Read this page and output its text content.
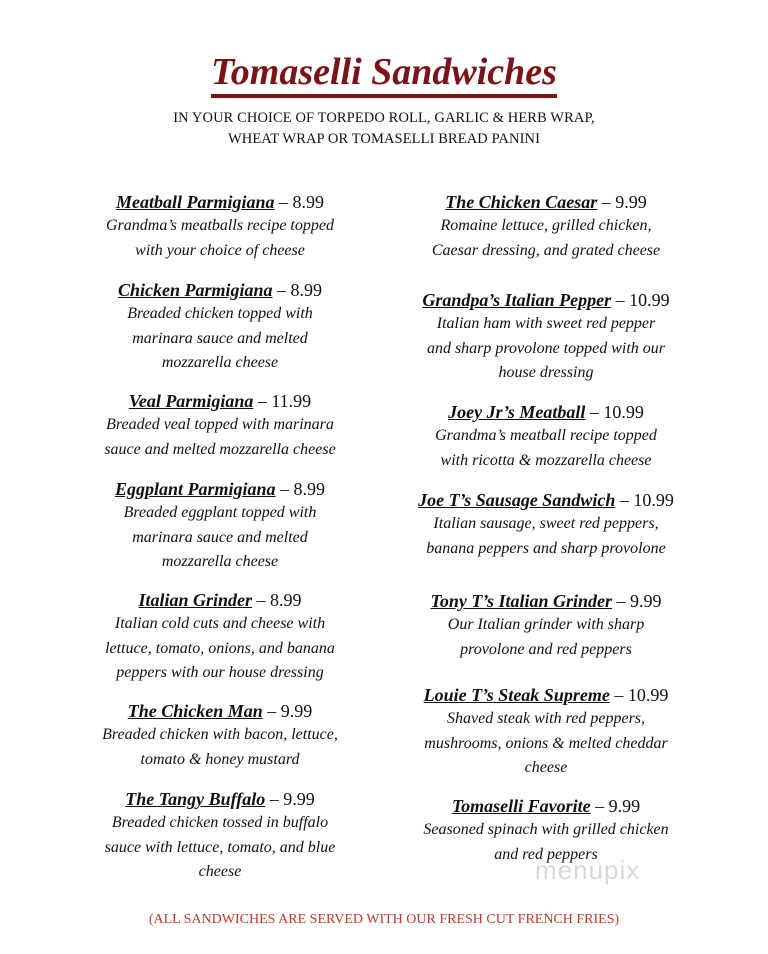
Tomaselli Sandwiches
IN YOUR CHOICE OF TORPEDO ROLL, GARLIC & HERB WRAP,
WHEAT WRAP OR TOMASELLI BREAD PANINI
Meatball Parmigiana – 8.99
Grandma’s meatballs recipe topped
with your choice of cheese
Chicken Parmigiana – 8.99
Breaded chicken topped with
marinara sauce and melted
mozzarella cheese
Veal Parmigiana – 11.99
Breaded veal topped with marinara
sauce and melted mozzarella cheese
Eggplant Parmigiana – 8.99
Breaded eggplant topped with
marinara sauce and melted
mozzarella cheese
Italian Grinder – 8.99
Italian cold cuts and cheese with
lettuce, tomato, onions, and banana
peppers with our house dressing
The Chicken Man – 9.99
Breaded chicken with bacon, lettuce,
tomato & honey mustard
The Tangy Buffalo – 9.99
Breaded chicken tossed in buffalo
sauce with lettuce, tomato, and blue
cheese
The Chicken Caesar – 9.99
Romaine lettuce, grilled chicken,
Caesar dressing, and grated cheese
Grandpa’s Italian Pepper – 10.99
Italian ham with sweet red pepper
and sharp provolone topped with our
house dressing
Joey Jr’s Meatball – 10.99
Grandma’s meatball recipe topped
with ricotta & mozzarella cheese
Joe T’s Sausage Sandwich – 10.99
Italian sausage, sweet red peppers,
banana peppers and sharp provolone
Tony T’s Italian Grinder – 9.99
Our Italian grinder with sharp
provolone and red peppers
Louie T’s Steak Supreme – 10.99
Shaved steak with red peppers,
mushrooms, onions & melted cheddar
cheese
Tomaselli Favorite – 9.99
Seasoned spinach with grilled chicken
and red peppers
menupix
(ALL SANDWICHES ARE SERVED WITH OUR FRESH CUT FRENCH FRIES)
